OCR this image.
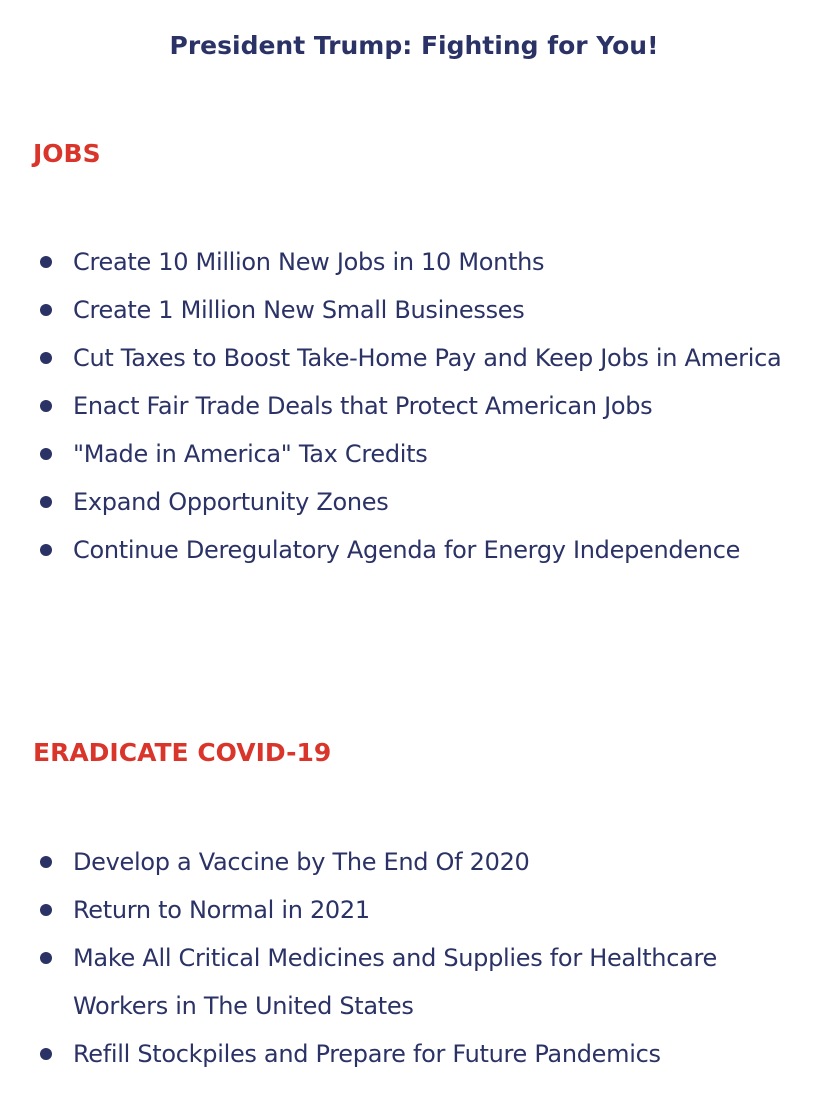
President Trump: Fighting for You!
JOBS
Create 10 Million New Jobs in 10 Months
Create 1 Million New Small Businesses
Cut Taxes to Boost Take-Home Pay and Keep Jobs in America
Enact Fair Trade Deals that Protect American Jobs
"Made in America" Tax Credits
Expand Opportunity Zones
Continue Deregulatory Agenda for Energy Independence
ERADICATE COVID-19
Develop a Vaccine by The End Of 2020
Return to Normal in 2021
Make All Critical Medicines and Supplies for Healthcare Workers in The United States
Refill Stockpiles and Prepare for Future Pandemics
